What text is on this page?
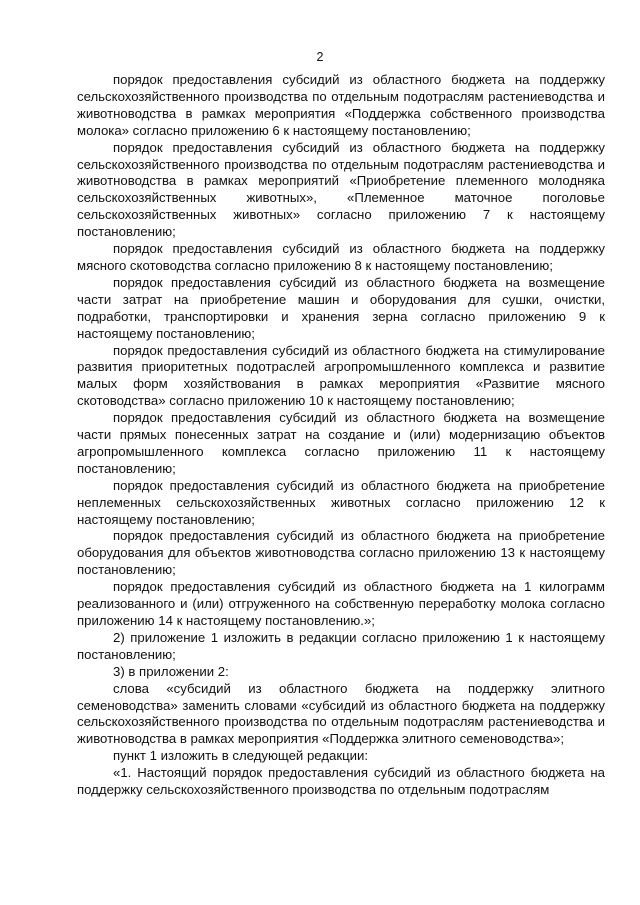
2

порядок предоставления субсидий из областного бюджета на поддержку сельскохозяйственного производства по отдельным подотраслям растениеводства и животноводства в рамках мероприятия «Поддержка собственного производства молока» согласно приложению 6 к настоящему постановлению;

порядок предоставления субсидий из областного бюджета на поддержку сельскохозяйственного производства по отдельным подотраслям растениеводства и животноводства в рамках мероприятий «Приобретение племенного молодняка сельскохозяйственных животных», «Племенное маточное поголовье сельскохозяйственных животных» согласно приложению 7 к настоящему постановлению;

порядок предоставления субсидий из областного бюджета на поддержку мясного скотоводства согласно приложению 8 к настоящему постановлению;

порядок предоставления субсидий из областного бюджета на возмещение части затрат на приобретение машин и оборудования для сушки, очистки, подработки, транспортировки и хранения зерна согласно приложению 9 к настоящему постановлению;

порядок предоставления субсидий из областного бюджета на стимулирование развития приоритетных подотраслей агропромышленного комплекса и развитие малых форм хозяйствования в рамках мероприятия «Развитие мясного скотоводства» согласно приложению 10 к настоящему постановлению;

порядок предоставления субсидий из областного бюджета на возмещение части прямых понесенных затрат на создание и (или) модернизацию объектов агропромышленного комплекса согласно приложению 11 к настоящему постановлению;

порядок предоставления субсидий из областного бюджета на приобретение неплеменных сельскохозяйственных животных согласно приложению 12 к настоящему постановлению;

порядок предоставления субсидий из областного бюджета на приобретение оборудования для объектов животноводства согласно приложению 13 к настоящему постановлению;

порядок предоставления субсидий из областного бюджета на 1 килограмм реализованного и (или) отгруженного на собственную переработку молока согласно приложению 14 к настоящему постановлению.»;

2) приложение 1 изложить в редакции согласно приложению 1 к настоящему постановлению;

3) в приложении 2:

слова «субсидий из областного бюджета на поддержку элитного семеноводства» заменить словами «субсидий из областного бюджета на поддержку сельскохозяйственного производства по отдельным подотраслям растениеводства и животноводства в рамках мероприятия «Поддержка элитного семеноводства»;

пункт 1 изложить в следующей редакции:

«1. Настоящий порядок предоставления субсидий из областного бюджета на поддержку сельскохозяйственного производства по отдельным подотраслям
